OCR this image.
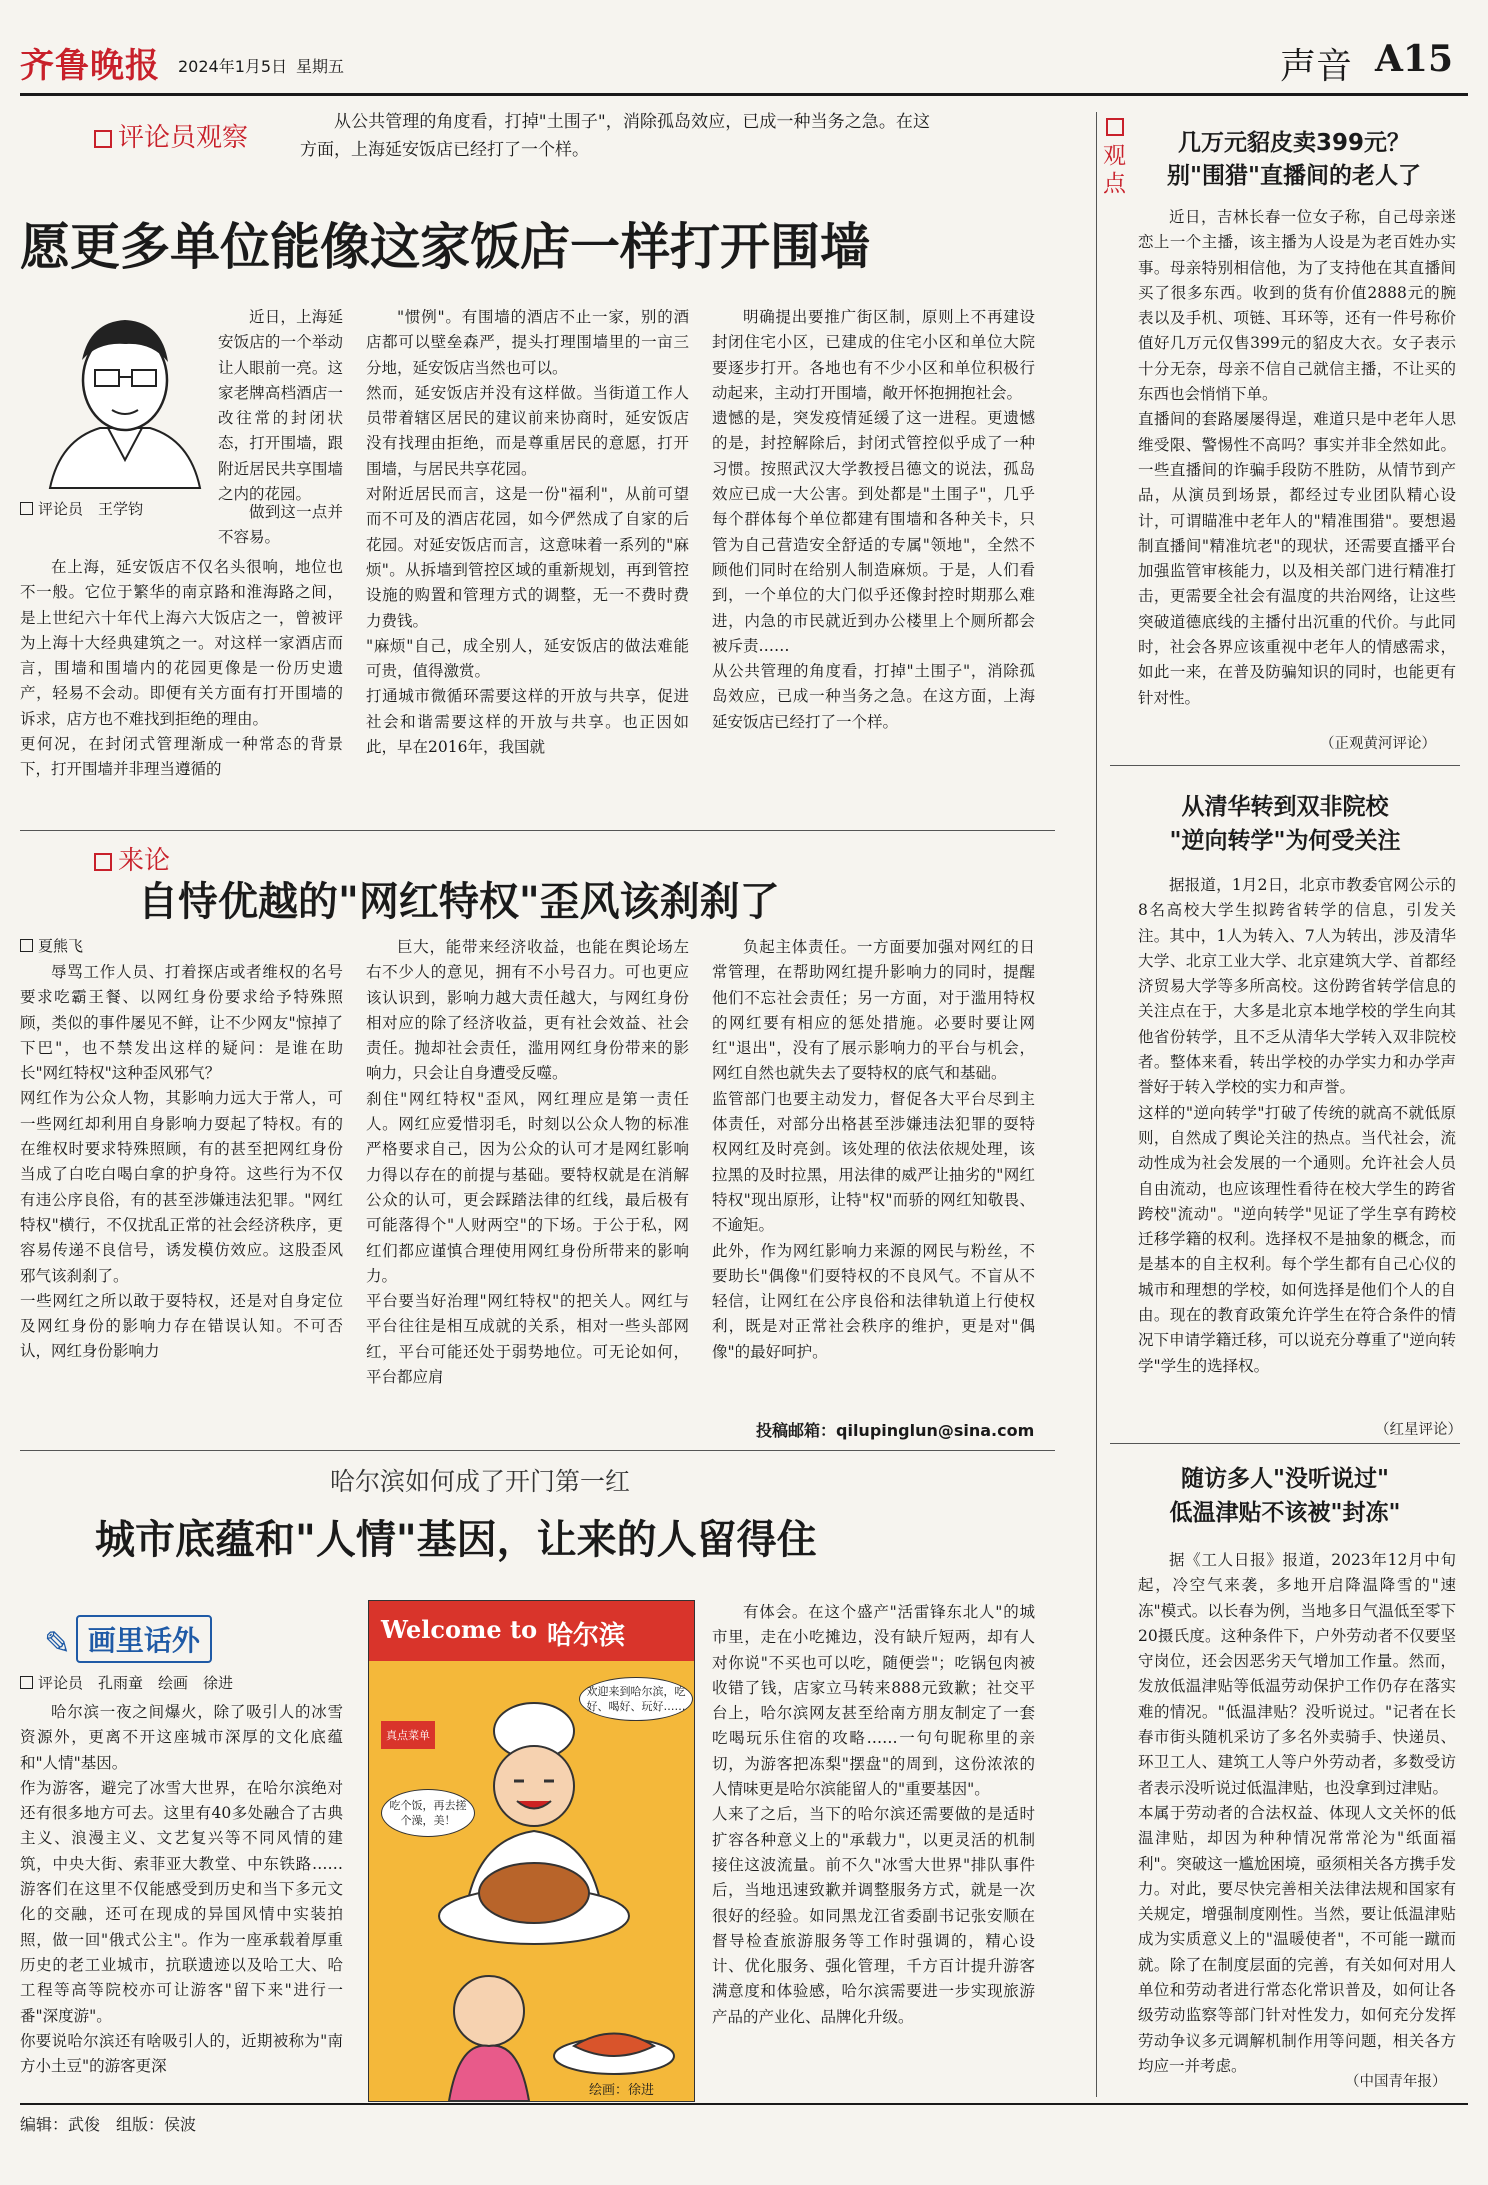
齐鲁晚报 2024年1月5日 星期五	声音 A15
评论员观察

从公共管理的角度看，打掉"土围子"，消除孤岛效应，已成一种当务之急。在这方面，上海延安饭店已经打了一个样。

愿更多单位能像这家饭店一样打开围墙
评论员　王学钧

近日，上海延安饭店的一个举动让人眼前一亮。这家老牌高档酒店一改往常的封闭状态，打开围墙，跟附近居民共享围墙之内的花园。

做到这一点并不容易。

在上海，延安饭店不仅名头很响，地位也不一般。它位于繁华的南京路和淮海路之间，是上世纪六十年代上海六大饭店之一，曾被评为上海十大经典建筑之一。对这样一家酒店而言，围墙和围墙内的花园更像是一份历史遗产，轻易不会动。即便有关方面有打开围墙的诉求，店方也不难找到拒绝的理由。
更何况，在封闭式管理渐成一种常态的背景下，打开围墙并非理当遵循的

"惯例"。有围墙的酒店不止一家，别的酒店都可以壁垒森严，提头打理围墙里的一亩三分地，延安饭店当然也可以。
然而，延安饭店并没有这样做。当街道工作人员带着辖区居民的建议前来协商时，延安饭店没有找理由拒绝，而是尊重居民的意愿，打开围墙，与居民共享花园。
对附近居民而言，这是一份"福利"，从前可望而不可及的酒店花园，如今俨然成了自家的后花园。对延安饭店而言，这意味着一系列的"麻烦"。从拆墙到管控区域的重新规划，再到管控设施的购置和管理方式的调整，无一不费时费力费钱。
"麻烦"自己，成全别人，延安饭店的做法难能可贵，值得激赏。
打通城市微循环需要这样的开放与共享，促进社会和谐需要这样的开放与共享。也正因如此，早在2016年，我国就

明确提出要推广街区制，原则上不再建设封闭住宅小区，已建成的住宅小区和单位大院要逐步打开。各地也有不少小区和单位积极行动起来，主动打开围墙，敞开怀抱拥抱社会。
遗憾的是，突发疫情延缓了这一进程。更遗憾的是，封控解除后，封闭式管控似乎成了一种习惯。按照武汉大学教授吕德文的说法，孤岛效应已成一大公害。到处都是"土围子"，几乎每个群体每个单位都建有围墙和各种关卡，只管为自己营造安全舒适的专属"领地"，全然不顾他们同时在给别人制造麻烦。于是，人们看到，一个单位的大门似乎还像封控时期那么难进，内急的市民就近到办公楼里上个厕所都会被斥责……
从公共管理的角度看，打掉"土围子"，消除孤岛效应，已成一种当务之急。在这方面，上海延安饭店已经打了一个样。

来论
自恃优越的"网红特权"歪风该刹刹了
夏熊飞

辱骂工作人员、打着探店或者维权的名号要求吃霸王餐、以网红身份要求给予特殊照顾，类似的事件屡见不鲜，让不少网友"惊掉了下巴"，也不禁发出这样的疑问：是谁在助长"网红特权"这种歪风邪气？
网红作为公众人物，其影响力远大于常人，可一些网红却利用自身影响力耍起了特权。有的在维权时要求特殊照顾，有的甚至把网红身份当成了白吃白喝白拿的护身符。这些行为不仅有违公序良俗，有的甚至涉嫌违法犯罪。"网红特权"横行，不仅扰乱正常的社会经济秩序，更容易传递不良信号，诱发模仿效应。这股歪风邪气该刹刹了。
一些网红之所以敢于耍特权，还是对自身定位及网红身份的影响力存在错误认知。不可否认，网红身份影响力

巨大，能带来经济收益，也能在舆论场左右不少人的意见，拥有不小号召力。可也更应该认识到，影响力越大责任越大，与网红身份相对应的除了经济收益，更有社会效益、社会责任。抛却社会责任，滥用网红身份带来的影响力，只会让自身遭受反噬。
刹住"网红特权"歪风，网红理应是第一责任人。网红应爱惜羽毛，时刻以公众人物的标准严格要求自己，因为公众的认可才是网红影响力得以存在的前提与基础。要特权就是在消解公众的认可，更会踩踏法律的红线，最后极有可能落得个"人财两空"的下场。于公于私，网红们都应谨慎合理使用网红身份所带来的影响力。
平台要当好治理"网红特权"的把关人。网红与平台往往是相互成就的关系，相对一些头部网红，平台可能还处于弱势地位。可无论如何，平台都应肩

负起主体责任。一方面要加强对网红的日常管理，在帮助网红提升影响力的同时，提醒他们不忘社会责任；另一方面，对于滥用特权的网红要有相应的惩处措施。必要时要让网红"退出"，没有了展示影响力的平台与机会，网红自然也就失去了耍特权的底气和基础。
监管部门也要主动发力，督促各大平台尽到主体责任，对部分出格甚至涉嫌违法犯罪的耍特权网红及时亮剑。该处理的依法依规处理，该拉黑的及时拉黑，用法律的威严让抽劣的"网红特权"现出原形，让特"权"而骄的网红知敬畏、不逾矩。
此外，作为网红影响力来源的网民与粉丝，不要助长"偶像"们耍特权的不良风气。不盲从不轻信，让网红在公序良俗和法律轨道上行使权利，既是对正常社会秩序的维护，更是对"偶像"的最好呵护。

投稿邮箱：qilupinglun@sina.com
哈尔滨如何成了开门第一红
城市底蕴和"人情"基因，让来的人留得住
✎ 画里话外
评论员　孔雨童　绘画　徐进

哈尔滨一夜之间爆火，除了吸引人的冰雪资源外，更离不开这座城市深厚的文化底蕴和"人情"基因。
作为游客，避完了冰雪大世界，在哈尔滨绝对还有很多地方可去。这里有40多处融合了古典主义、浪漫主义、文艺复兴等不同风情的建筑，中央大街、索菲亚大教堂、中东铁路……游客们在这里不仅能感受到历史和当下多元文化的交融，还可在现成的异国风情中实装拍照，做一回"俄式公主"。作为一座承载着厚重历史的老工业城市，抗联遗迹以及哈工大、哈工程等高等院校亦可让游客"留下来"进行一番"深度游"。
你要说哈尔滨还有啥吸引人的，近期被称为"南方小土豆"的游客更深

Welcome to 哈尔滨
欢迎来到哈尔滨，吃好、喝好、玩好……
吃个饭，再去搓个澡，美！
真点菜单
绘画：徐进

有体会。在这个盛产"活雷锋东北人"的城市里，走在小吃摊边，没有缺斤短两，却有人对你说"不买也可以吃，随便尝"；吃锅包肉被收错了钱，店家立马转来888元致歉；社交平台上，哈尔滨网友甚至给南方朋友制定了一套吃喝玩乐住宿的攻略……一句句昵称里的亲切，为游客把冻梨"摆盘"的周到，这份浓浓的人情味更是哈尔滨能留人的"重要基因"。
人来了之后，当下的哈尔滨还需要做的是适时扩容各种意义上的"承载力"，以更灵活的机制接住这波流量。前不久"冰雪大世界"排队事件后，当地迅速致歉并调整服务方式，就是一次很好的经验。如同黑龙江省委副书记张安顺在督导检查旅游服务等工作时强调的，精心设计、优化服务、强化管理，千方百计提升游客满意度和体验感，哈尔滨需要进一步实现旅游产品的产业化、品牌化升级。

观点
几万元貂皮卖399元？
别"围猎"直播间的老人了

近日，吉林长春一位女子称，自己母亲迷恋上一个主播，该主播为人设是为老百姓办实事。母亲特别相信他，为了支持他在其直播间买了很多东西。收到的货有价值2888元的腕表以及手机、项链、耳环等，还有一件号称价值好几万元仅售399元的貂皮大衣。女子表示十分无奈，母亲不信自己就信主播，不让买的东西也会悄悄下单。
直播间的套路屡屡得逞，难道只是中老年人思维受限、警惕性不高吗？事实并非全然如此。一些直播间的诈骗手段防不胜防，从情节到产品，从演员到场景，都经过专业团队精心设计，可谓瞄准中老年人的"精准围猎"。要想遏制直播间"精准坑老"的现状，还需要直播平台加强监管审核能力，以及相关部门进行精准打击，更需要全社会有温度的共治网络，让这些突破道德底线的主播付出沉重的代价。与此同时，社会各界应该重视中老年人的情感需求，如此一来，在普及防骗知识的同时，也能更有针对性。

（正观黄河评论）
从清华转到双非院校
"逆向转学"为何受关注

据报道，1月2日，北京市教委官网公示的8名高校大学生拟跨省转学的信息，引发关注。其中，1人为转入、7人为转出，涉及清华大学、北京工业大学、北京建筑大学、首都经济贸易大学等多所高校。这份跨省转学信息的关注点在于，大多是北京本地学校的学生向其他省份转学，且不乏从清华大学转入双非院校者。整体来看，转出学校的办学实力和办学声誉好于转入学校的实力和声誉。
这样的"逆向转学"打破了传统的就高不就低原则，自然成了舆论关注的热点。当代社会，流动性成为社会发展的一个通则。允许社会人员自由流动，也应该理性看待在校大学生的跨省跨校"流动"。"逆向转学"见证了学生享有跨校迁移学籍的权利。选择权不是抽象的概念，而是基本的自主权利。每个学生都有自己心仪的城市和理想的学校，如何选择是他们个人的自由。现在的教育政策允许学生在符合条件的情况下申请学籍迁移，可以说充分尊重了"逆向转学"学生的选择权。

（红星评论）
随访多人"没听说过"
低温津贴不该被"封冻"

据《工人日报》报道，2023年12月中旬起，冷空气来袭，多地开启降温降雪的"速冻"模式。以长春为例，当地多日气温低至零下20摄氏度。这种条件下，户外劳动者不仅要坚守岗位，还会因恶劣天气增加工作量。然而，发放低温津贴等低温劳动保护工作仍存在落实难的情况。"低温津贴？没听说过。"记者在长春市街头随机采访了多名外卖骑手、快递员、环卫工人、建筑工人等户外劳动者，多数受访者表示没听说过低温津贴，也没拿到过津贴。
本属于劳动者的合法权益、体现人文关怀的低温津贴，却因为种种情况常常沦为"纸面福利"。突破这一尴尬困境，亟须相关各方携手发力。对此，要尽快完善相关法律法规和国家有关规定，增强制度刚性。当然，要让低温津贴成为实质意义上的"温暖使者"，不可能一蹴而就。除了在制度层面的完善，有关如何对用人单位和劳动者进行常态化常识普及，如何让各级劳动监察等部门针对性发力，如何充分发挥劳动争议多元调解机制作用等问题，相关各方均应一并考虑。

（中国青年报）
编辑：武俊　组版：侯波
